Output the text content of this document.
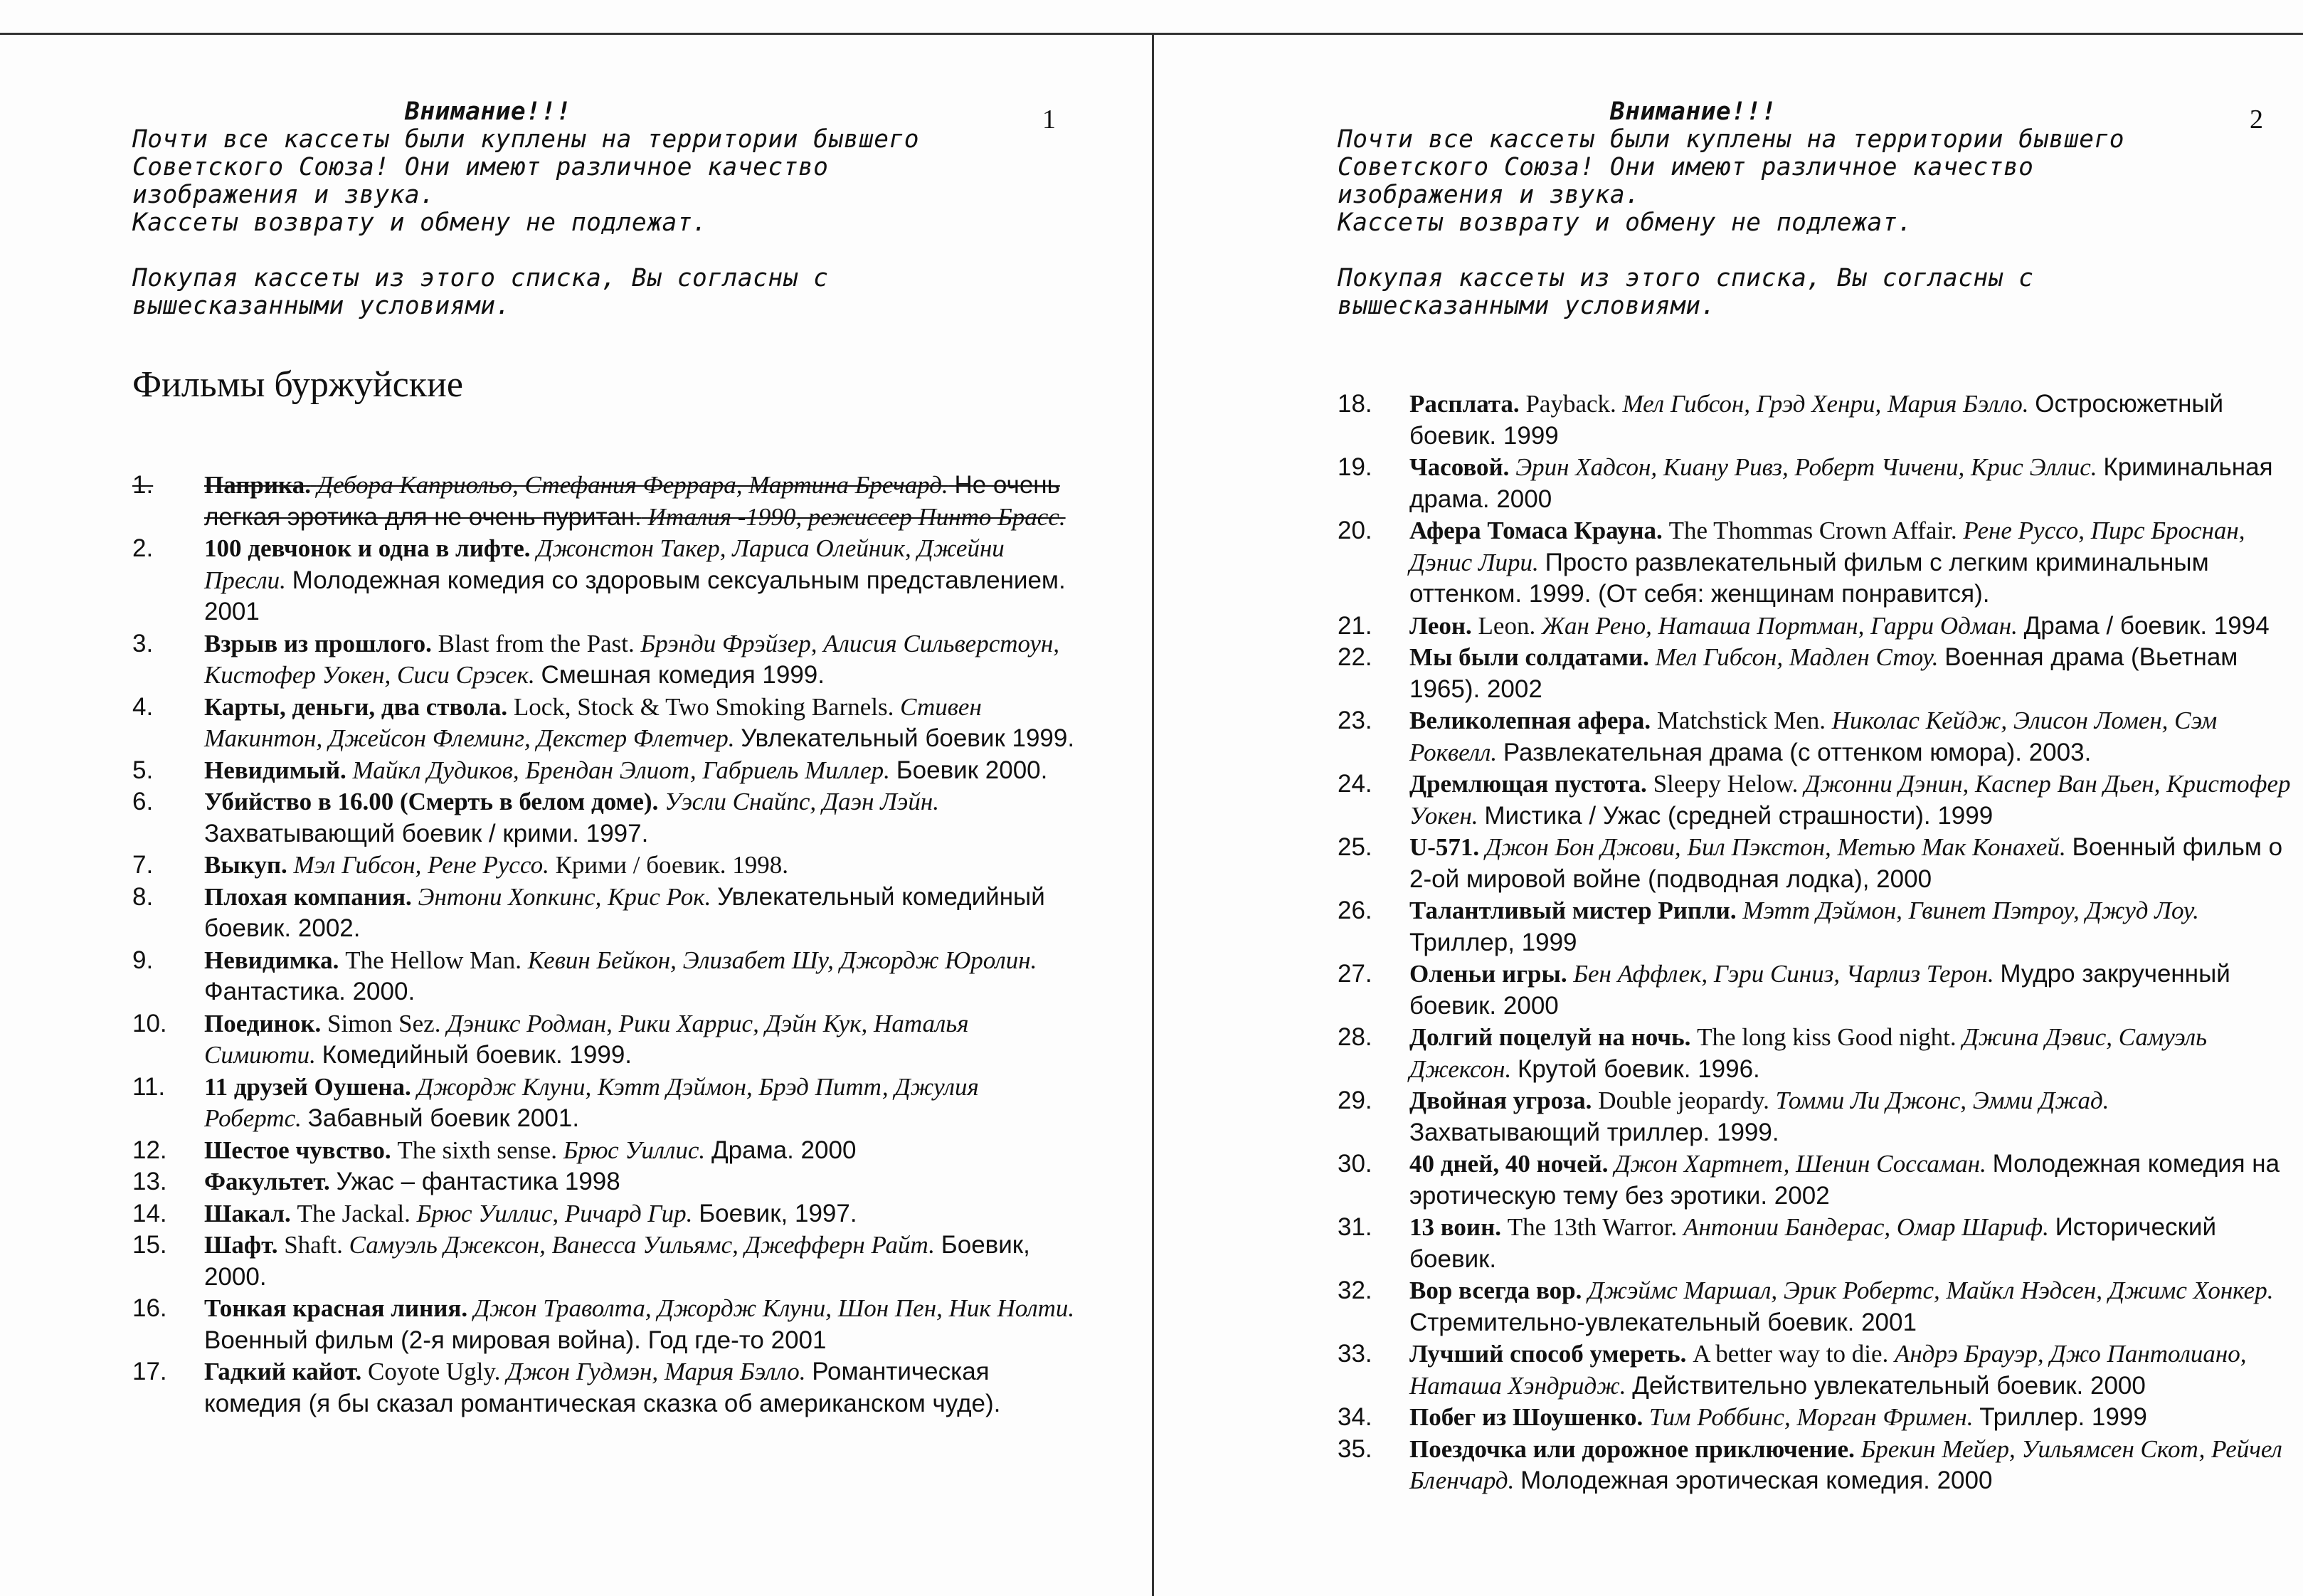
1
Внимание!!!
Почти все кассеты были куплены на территории бывшего
Советского Союза! Они имеют различное качество
изображения и звука.
Кассеты возврату и обмену не подлежат.
Покупая кассеты из этого списка, Вы согласны с
вышесказанными условиями.
Фильмы буржуйские
1. Паприка. Дебора Каприольо, Стефания Феррара, Мартина Бречард. Не очень легкая эротика для не очень пуритан. Италия -1990, режиссер Пинто Брасс.
2. 100 девчонок и одна в лифте. Джонстон Такер, Лариса Олейник, Джейни Пресли. Молодежная комедия со здоровым сексуальным представлением. 2001
3. Взрыв из прошлого. Blast from the Past. Брэнди Фрэйзер, Алисия Сильверстоун, Кистофер Уокен, Сиси Срэсек. Смешная комедия 1999.
4. Карты, деньги, два ствола. Lock, Stock & Two Smoking Barnels. Стивен Макинтон, Джейсон Флеминг, Декстер Флетчер. Увлекательный боевик 1999.
5. Невидимый. Майкл Дудиков, Брендан Элиот, Габриель Миллер. Боевик 2000.
6. Убийство в 16.00 (Смерть в белом доме). Уэсли Снайпс, Даэн Лэйн. Захватывающий боевик / крими. 1997.
7. Выкуп. Мэл Гибсон, Рене Руссо. Крими / боевик. 1998.
8. Плохая компания. Энтони Хопкинс, Крис Рок. Увлекательный комедийный боевик. 2002.
9. Невидимка. The Hellow Man. Кевин Бейкон, Элизабет Шу, Джордж Юролин. Фантастика. 2000.
10. Поединок. Simon Sez. Дэникс Родман, Рики Харрис, Дэйн Кук, Наталья Симиюти. Комедийный боевик. 1999.
11. 11 друзей Оушена. Джордж Клуни, Кэтт Дэймон, Брэд Питт, Джулия Робертс. Забавный боевик 2001.
12. Шестое чувство. The sixth sense. Брюс Уиллис. Драма. 2000
13. Факультет. Ужас – фантастика 1998
14. Шакал. The Jackal. Брюс Уиллис, Ричард Гир. Боевик, 1997.
15. Шафт. Shaft. Самуэль Джексон, Ванесса Уильямс, Джефферн Райт. Боевик, 2000.
16. Тонкая красная линия. Джон Траволта, Джордж Клуни, Шон Пен, Ник Нолти. Военный фильм (2-я мировая война). Год где-то 2001
17. Гадкий кайот. Coyote Ugly. Джон Гудмэн, Мария Бэлло. Романтическая комедия (я бы сказал романтическая сказка об американском чуде).
2
Внимание!!!
Почти все кассеты были куплены на территории бывшего
Советского Союза! Они имеют различное качество
изображения и звука.
Кассеты возврату и обмену не подлежат.
Покупая кассеты из этого списка, Вы согласны с
вышесказанными условиями.
18. Расплата. Payback. Мел Гибсон, Грэд Хенри, Мария Бэлло. Остросюжетный боевик. 1999
19. Часовой. Эрин Хадсон, Киану Ривз, Роберт Чичени, Крис Эллис. Криминальная драма. 2000
20. Афера Томаса Крауна. The Thommas Crown Affair. Рене Руссо, Пирс Броснан, Дэнис Лири. Просто развлекательный фильм с легким криминальным оттенком. 1999. (От себя: женщинам понравится).
21. Леон. Leon. Жан Рено, Наташа Портман, Гарри Одман. Драма / боевик. 1994
22. Мы были солдатами. Мел Гибсон, Мадлен Стоу. Военная драма (Вьетнам 1965). 2002
23. Великолепная афера. Matchstick Men. Николас Кейдж, Элисон Ломен, Сэм Роквелл. Развлекательная драма (с оттенком юмора). 2003.
24. Дремлющая пустота. Sleepy Helow. Джонни Дэнин, Каспер Ван Дьен, Кристофер Уокен. Мистика / Ужас (средней страшности). 1999
25. U-571. Джон Бон Джови, Бил Пэкстон, Метью Мак Конахей. Военный фильм о 2-ой мировой войне (подводная лодка), 2000
26. Талантливый мистер Рипли. Мэтт Дэймон, Гвинет Пэтроу, Джуд Лоу. Триллер, 1999
27. Оленьи игры. Бен Аффлек, Гэри Синиз, Чарлиз Терон. Мудро закрученный боевик. 2000
28. Долгий поцелуй на ночь. The long kiss Good night. Джина Дэвис, Самуэль Джексон. Крутой боевик. 1996.
29. Двойная угроза. Double jeopardy. Томми Ли Джонс, Эмми Джад. Захватывающий триллер. 1999.
30. 40 дней, 40 ночей. Джон Хартнет, Шенин Соссаман. Молодежная комедия на эротическую тему без эротики. 2002
31. 13 воин. The 13th Warror. Антонии Бандерас, Омар Шариф. Исторический боевик.
32. Вор всегда вор. Джэймс Маршал, Эрик Робертс, Майкл Нэдсен, Джимс Хонкер. Стремительно-увлекательный боевик. 2001
33. Лучший способ умереть. A better way to die. Андрэ Брауэр, Джо Пантолиано, Наташа Хэндридж. Действительно увлекательный боевик. 2000
34. Побег из Шоушенко. Тим Роббинс, Морган Фримен. Триллер. 1999
35. Поездочка или дорожное приключение. Брекин Мейер, Уильямсен Скот, Рейчел Бленчард. Молодежная эротическая комедия. 2000
